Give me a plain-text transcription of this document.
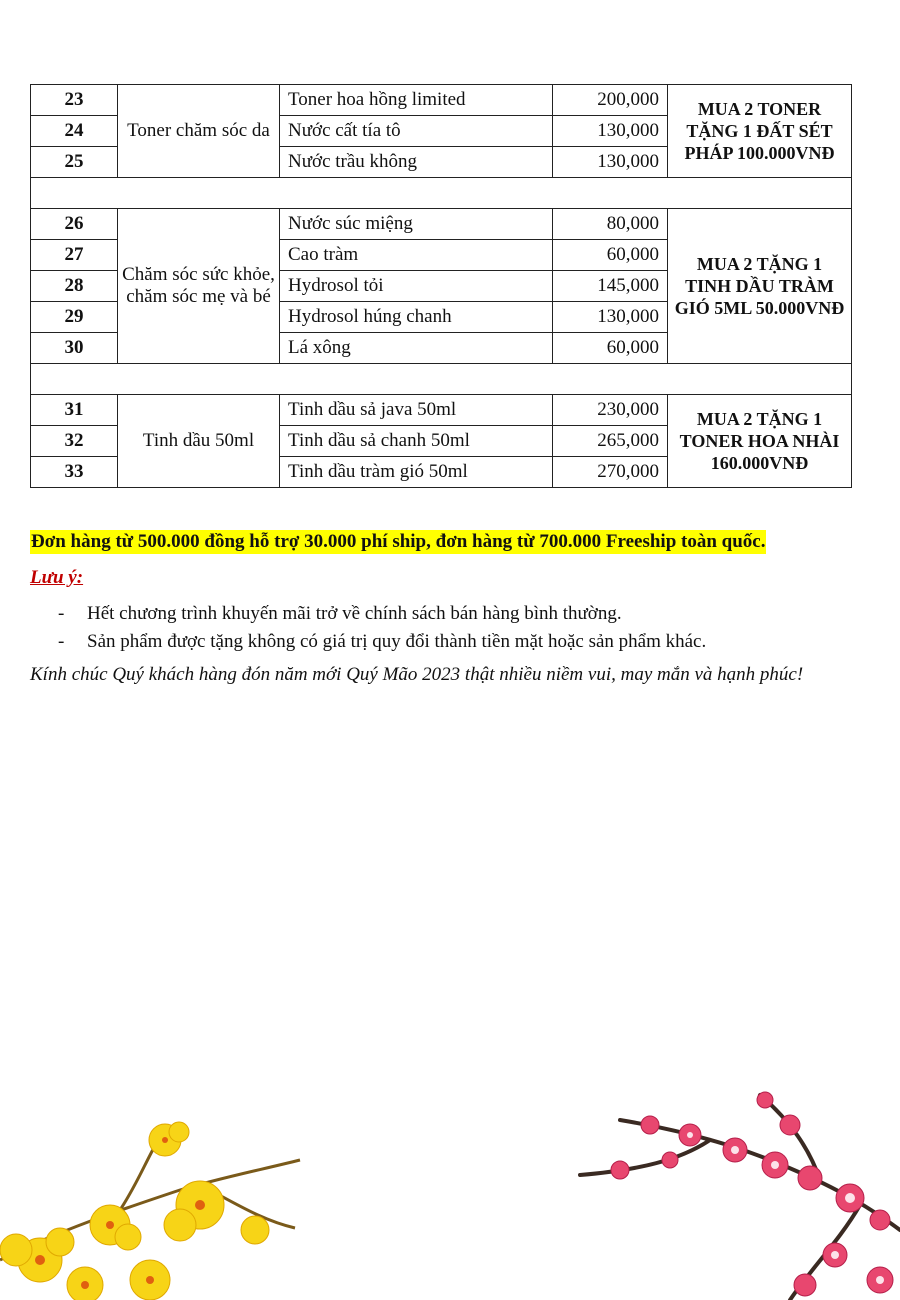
23	Toner chăm sóc da	Toner hoa hồng limited	200,000	MUA 2 TONER TẶNG 1 ĐẤT SÉT PHÁP 100.000VNĐ
24		Nước cất tía tô	130,000	
25		Nước trầu không	130,000	

26	Chăm sóc sức khỏe, chăm sóc mẹ và bé	Nước súc miệng	80,000	MUA 2 TẶNG 1 TINH DẦU TRÀM GIÓ 5ML 50.000VNĐ
27		Cao tràm	60,000	
28		Hydrosol tỏi	145,000	
29		Hydrosol húng chanh	130,000	
30		Lá xông	60,000	

31	Tinh dầu 50ml	Tinh dầu sả java 50ml	230,000	MUA 2 TẶNG 1 TONER HOA NHÀI 160.000VNĐ
32		Tinh dầu sả chanh 50ml	265,000	
33		Tinh dầu tràm gió 50ml	270,000	
Đơn hàng từ 500.000 đồng hỗ trợ 30.000 phí ship, đơn hàng từ 700.000 Freeship toàn quốc.
Lưu ý:
- Hết chương trình khuyến mãi trở về chính sách bán hàng bình thường.
- Sản phẩm được tặng không có giá trị quy đổi thành tiền mặt hoặc sản phẩm khác.
Kính chúc Quý khách hàng đón năm mới Quý Mão 2023 thật nhiều niềm vui, may mắn và hạnh phúc!
